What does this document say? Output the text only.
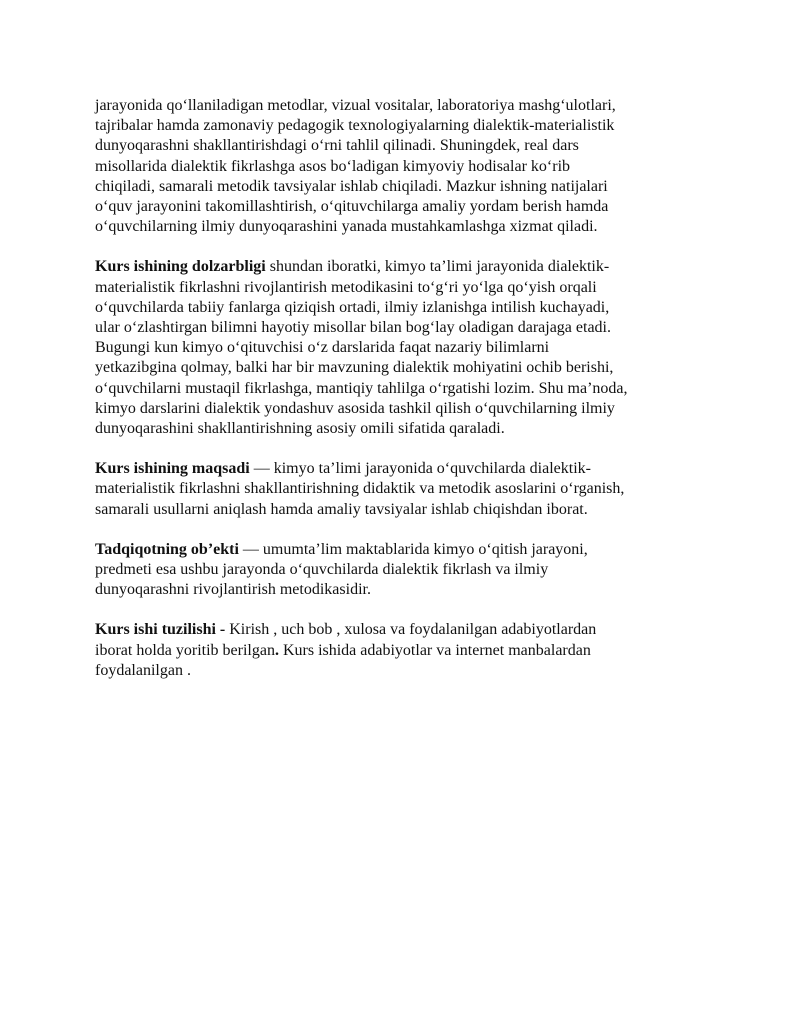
jarayonida qo‘llaniladigan metodlar, vizual vositalar, laboratoriya mashg‘ulotlari,
tajribalar hamda zamonaviy pedagogik texnologiyalarning dialektik-materialistik
dunyoqarashni shakllantirishdagi o‘rni tahlil qilinadi. Shuningdek, real dars
misollarida dialektik fikrlashga asos bo‘ladigan kimyoviy hodisalar ko‘rib
chiqiladi, samarali metodik tavsiyalar ishlab chiqiladi. Mazkur ishning natijalari
o‘quv jarayonini takomillashtirish, o‘qituvchilarga amaliy yordam berish hamda
o‘quvchilarning ilmiy dunyoqarashini yanada mustahkamlashga xizmat qiladi.

Kurs ishining dolzarbligi shundan iboratki, kimyo ta’limi jarayonida dialektik-
materialistik fikrlashni rivojlantirish metodikasini to‘g‘ri yo‘lga qo‘yish orqali
o‘quvchilarda tabiiy fanlarga qiziqish ortadi, ilmiy izlanishga intilish kuchayadi,
ular o‘zlashtirgan bilimni hayotiy misollar bilan bog‘lay oladigan darajaga etadi.
Bugungi kun kimyo o‘qituvchisi o‘z darslarida faqat nazariy bilimlarni
yetkazibgina qolmay, balki har bir mavzuning dialektik mohiyatini ochib berishi,
o‘quvchilarni mustaqil fikrlashga, mantiqiy tahlilga o‘rgatishi lozim. Shu ma’noda,
kimyo darslarini dialektik yondashuv asosida tashkil qilish o‘quvchilarning ilmiy
dunyoqarashini shakllantirishning asosiy omili sifatida qaraladi.

Kurs ishining maqsadi — kimyo ta’limi jarayonida o‘quvchilarda dialektik-
materialistik fikrlashni shakllantirishning didaktik va metodik asoslarini o‘rganish,
samarali usullarni aniqlash hamda amaliy tavsiyalar ishlab chiqishdan iborat.

Tadqiqotning ob’ekti — umumta’lim maktablarida kimyo o‘qitish jarayoni,
predmeti esa ushbu jarayonda o‘quvchilarda dialektik fikrlash va ilmiy
dunyoqarashni rivojlantirish metodikasidir.

Kurs ishi tuzilishi - Kirish , uch bob , xulosa va foydalanilgan adabiyotlardan
iborat holda yoritib berilgan. Kurs ishida adabiyotlar va internet manbalardan
foydalanilgan .
